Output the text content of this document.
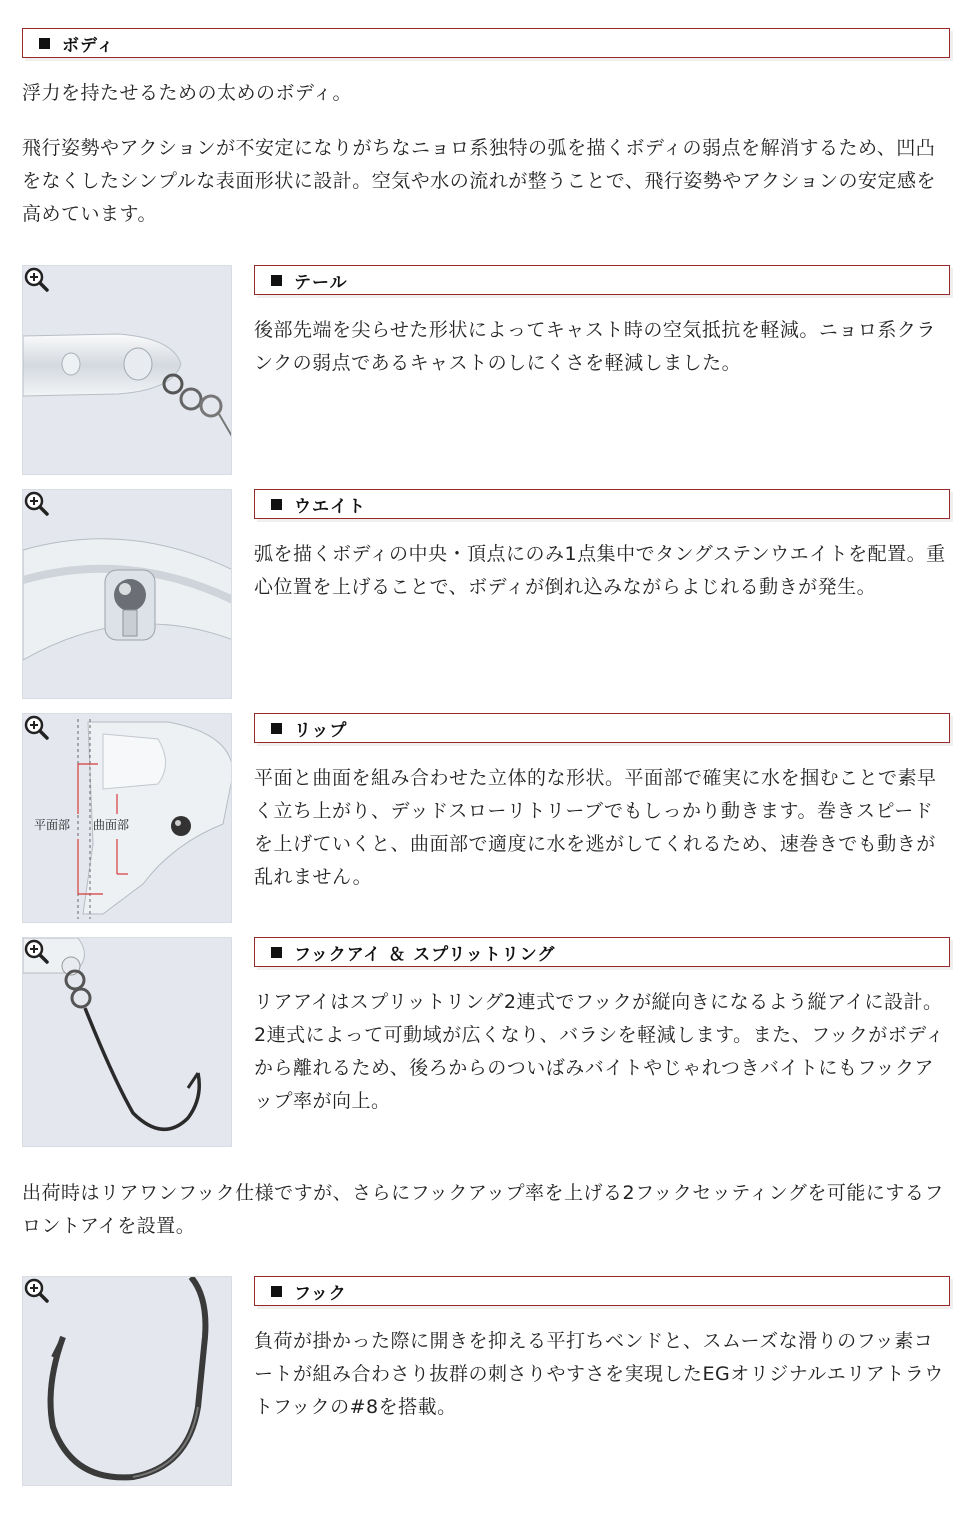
ボディ

浮力を持たせるための太めのボディ。

飛行姿勢やアクションが不安定になりがちなニョロ系独特の弧を描くボディの弱点を解消するため、凹凸をなくしたシンプルな表面形状に設計。空気や水の流れが整うことで、飛行姿勢やアクションの安定感を高めています。

テール

後部先端を尖らせた形状によってキャスト時の空気抵抗を軽減。ニョロ系クランクの弱点であるキャストのしにくさを軽減しました。

ウエイト

弧を描くボディの中央・頂点にのみ1点集中でタングステンウエイトを配置。重心位置を上げることで、ボディが倒れ込みながらよじれる動きが発生。

平面部 曲面部
リップ

平面と曲面を組み合わせた立体的な形状。平面部で確実に水を掴むことで素早く立ち上がり、デッドスローリトリーブでもしっかり動きます。巻きスピードを上げていくと、曲面部で適度に水を逃がしてくれるため、速巻きでも動きが乱れません。

フックアイ ＆ スプリットリング

リアアイはスプリットリング2連式でフックが縦向きになるよう縦アイに設計。2連式によって可動域が広くなり、バラシを軽減します。また、フックがボディから離れるため、後ろからのついばみバイトやじゃれつきバイトにもフックアップ率が向上。

出荷時はリアワンフック仕様ですが、さらにフックアップ率を上げる2フックセッティングを可能にするフロントアイを設置。

フック

負荷が掛かった際に開きを抑える平打ちベンドと、スムーズな滑りのフッ素コートが組み合わさり抜群の刺さりやすさを実現したEGオリジナルエリアトラウトフックの#8を搭載。
